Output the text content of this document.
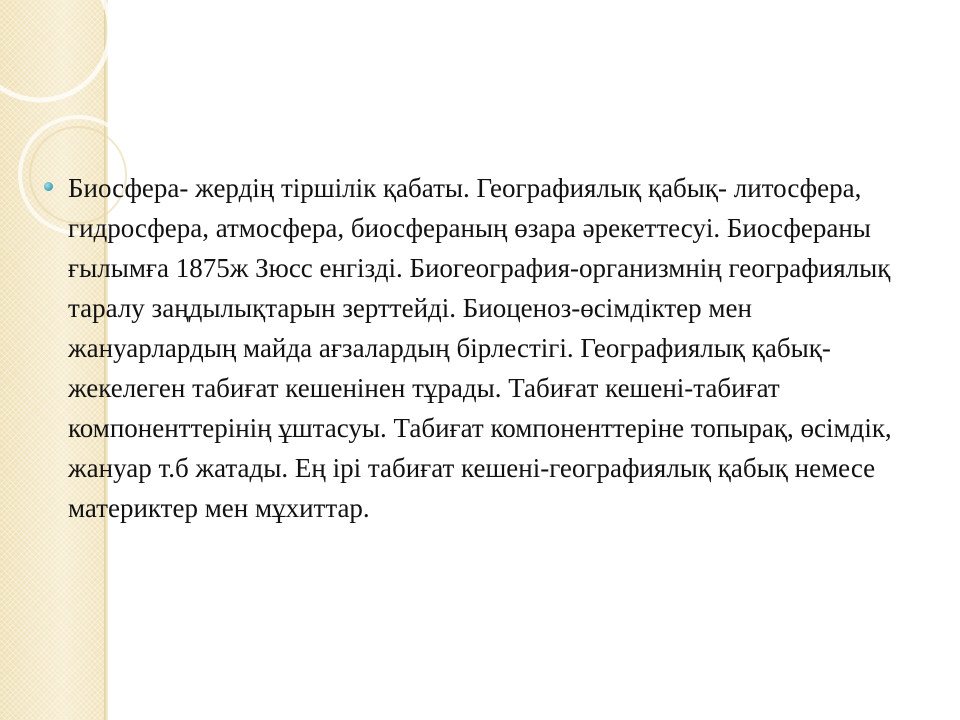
Биосфера- жердің тіршілік қабаты. Географиялық қабық- литосфера, гидросфера, атмосфера, биосфераның өзара әрекеттесуі. Биосфераны ғылымға 1875ж Зюсс енгізді. Биогеография-организмнің географиялық таралу заңдылықтарын зерттейді. Биоценоз-өсімдіктер мен жануарлардың майда ағзалардың бірлестігі. Географиялық қабық- жекелеген табиғат кешенінен тұрады. Табиғат кешені-табиғат компоненттерінің ұштасуы. Табиғат компоненттеріне топырақ, өсімдік, жануар т.б жатады. Ең ірі табиғат кешені-географиялық қабық немесе материктер мен мұхиттар.
